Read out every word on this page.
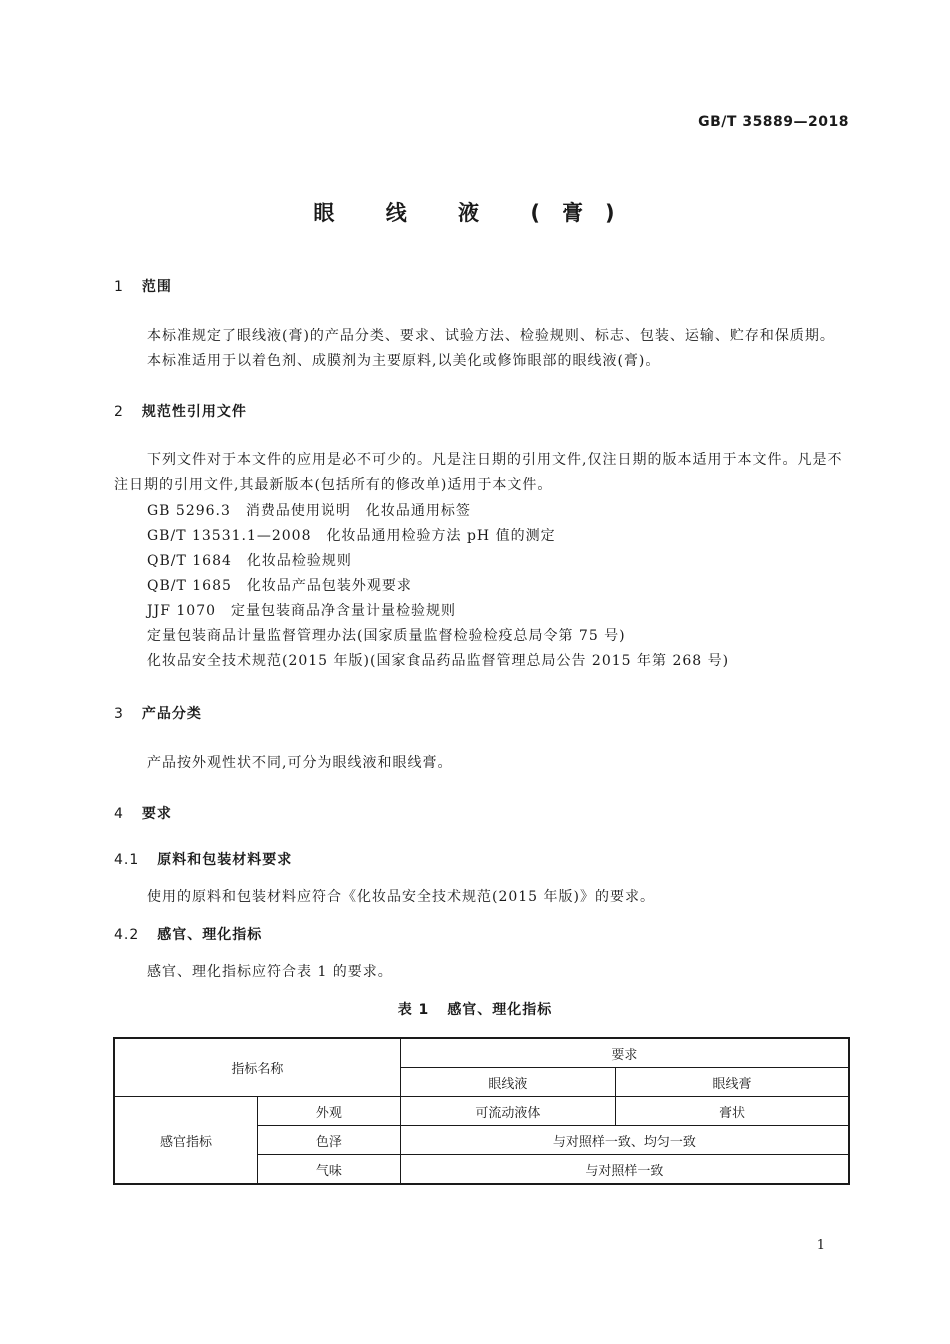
GB/T 35889—2018
眼 线 液 (膏)
1 范围
本标准规定了眼线液(膏)的产品分类、要求、试验方法、检验规则、标志、包装、运输、贮存和保质期。
本标准适用于以着色剂、成膜剂为主要原料,以美化或修饰眼部的眼线液(膏)。
2 规范性引用文件
下列文件对于本文件的应用是必不可少的。凡是注日期的引用文件,仅注日期的版本适用于本文件。凡是不注日期的引用文件,其最新版本(包括所有的修改单)适用于本文件。
GB 5296.3　消费品使用说明　化妆品通用标签
GB/T 13531.1—2008　化妆品通用检验方法 pH 值的测定
QB/T 1684　化妆品检验规则
QB/T 1685　化妆品产品包装外观要求
JJF 1070　定量包装商品净含量计量检验规则
定量包装商品计量监督管理办法(国家质量监督检验检疫总局令第 75 号)
化妆品安全技术规范(2015 年版)(国家食品药品监督管理总局公告 2015 年第 268 号)
3 产品分类
产品按外观性状不同,可分为眼线液和眼线膏。
4 要求
4.1 原料和包装材料要求
使用的原料和包装材料应符合《化妆品安全技术规范(2015 年版)》的要求。
4.2 感官、理化指标
感官、理化指标应符合表 1 的要求。
表 1 感官、理化指标
指标名称		要求	
		眼线液	眼线膏
感官指标	外观	可流动液体	膏状
	色泽	与对照样一致、均匀一致	
	气味	与对照样一致	
1
